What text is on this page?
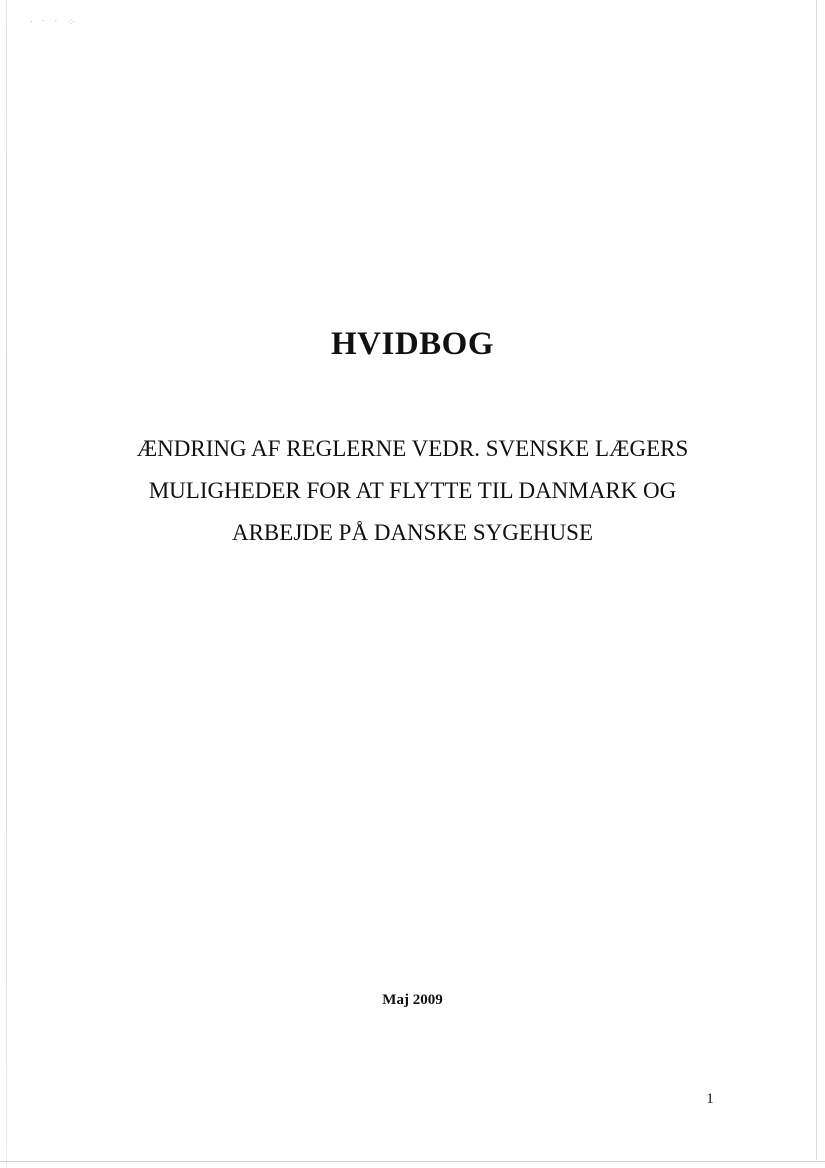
⸱ ˑ ˑ ⁘
HVIDBOG
ÆNDRING AF REGLERNE VEDR. SVENSKE LÆGERS
MULIGHEDER FOR AT FLYTTE TIL DANMARK OG
ARBEJDE PÅ DANSKE SYGEHUSE
Maj 2009
1
